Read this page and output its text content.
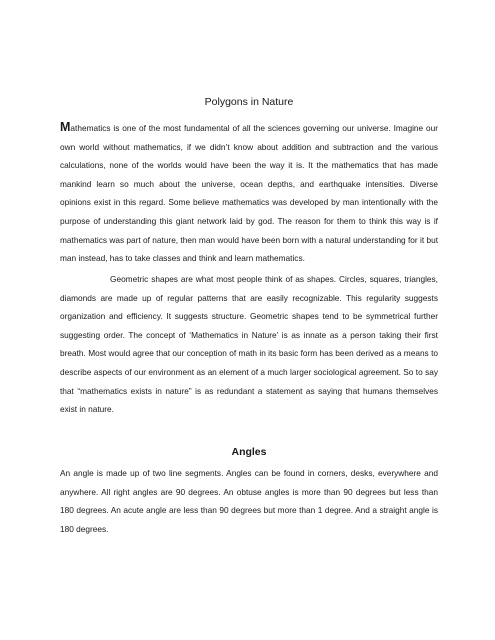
Polygons in Nature

Mathematics is one of the most fundamental of all the sciences governing our universe. Imagine our own world without mathematics, if we didn’t know about addition and subtraction and the various calculations, none of the worlds would have been the way it is. It the mathematics that has made mankind learn so much about the universe, ocean depths, and earthquake intensities. Diverse opinions exist in this regard. Some believe mathematics was developed by man intentionally with the purpose of understanding this giant network laid by god. The reason for them to think this way is if mathematics was part of nature, then man would have been born with a natural understanding for it but man instead, has to take classes and think and learn mathematics.

Geometric shapes are what most people think of as shapes. Circles, squares, triangles, diamonds are made up of regular patterns that are easily recognizable. This regularity suggests organization and efficiency. It suggests structure. Geometric shapes tend to be symmetrical further suggesting order. The concept of ‘Mathematics in Nature’ is as innate as a person taking their first breath. Most would agree that our conception of math in its basic form has been derived as a means to describe aspects of our environment as an element of a much larger sociological agreement. So to say that “mathematics exists in nature” is as redundant a statement as saying that humans themselves exist in nature.

Angles

An angle is made up of two line segments. Angles can be found in corners, desks, everywhere and anywhere. All right angles are 90 degrees. An obtuse angles is more than 90 degrees but less than 180 degrees. An acute angle are less than 90 degrees but more than 1 degree. And a straight angle is 180 degrees.
